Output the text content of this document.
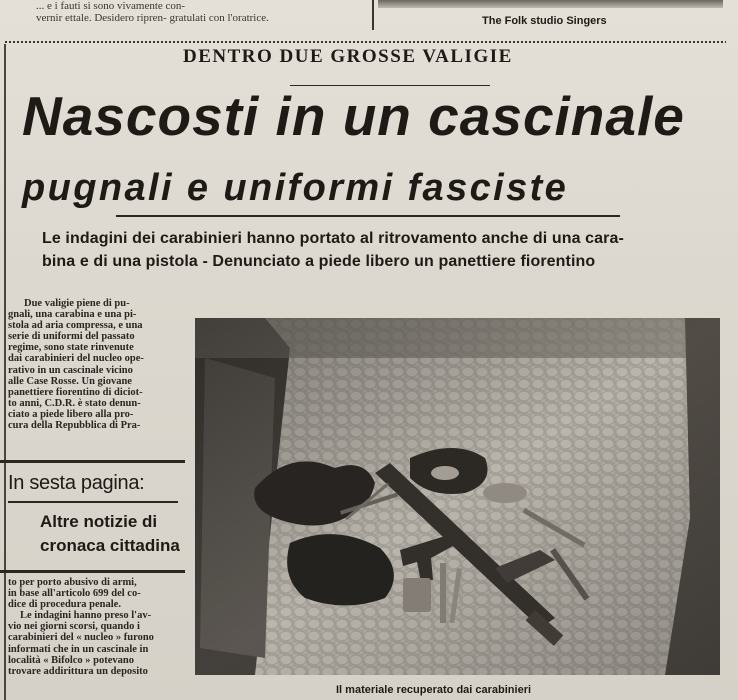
... e i fauti si sono vivamente con-
vernir ettale. Desidero ripren- gratulati con l'oratrice.	The Folk studio Singers
DENTRO DUE GROSSE VALIGIE
Nascosti in un cascinale
pugnali e uniformi fasciste
Le indagini dei carabinieri hanno portato al ritrovamento anche di una cara-
bina e di una pistola - Denunciato a piede libero un panettiere fiorentino
Due valigie piene di pu-
gnali, una carabina e una pi-
stola ad aria compressa, e una
serie di uniformi del passato
regime, sono state rinvenute
dai carabinieri del nucleo ope-
rativo in un cascinale vicino
alle Case Rosse. Un giovane
panettiere fiorentino di diciot-
to anni, C.D.R. è stato denun-
ciato a piede libero alla pro-
cura della Repubblica di Pra-
In sesta pagina:
Altre notizie di
cronaca cittadina
to per porto abusivo di armi,
in base all'articolo 699 del co-
dice di procedura penale.
Le indagini hanno preso l'av-
vio nei giorni scorsi, quando i
carabinieri del « nucleo » furono
informati che in un cascinale in
località « Bifolco » potevano
trovare addirittura un deposito
Il materiale recuperato dai carabinieri
